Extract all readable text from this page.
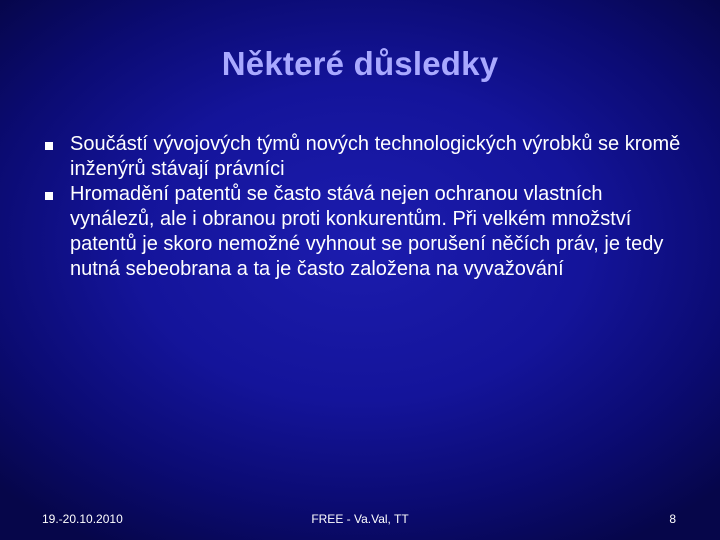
Některé důsledky
Součástí vývojových týmů nových technologických výrobků se kromě inženýrů stávají právníci
Hromadění patentů se často stává nejen ochranou vlastních vynálezů, ale i obranou proti konkurentům. Při velkém množství patentů je skoro nemožné vyhnout se porušení něčích práv, je tedy nutná sebeobrana a ta je často založena na vyvažování
19.-20.10.2010	FREE - Va.Val, TT	8
